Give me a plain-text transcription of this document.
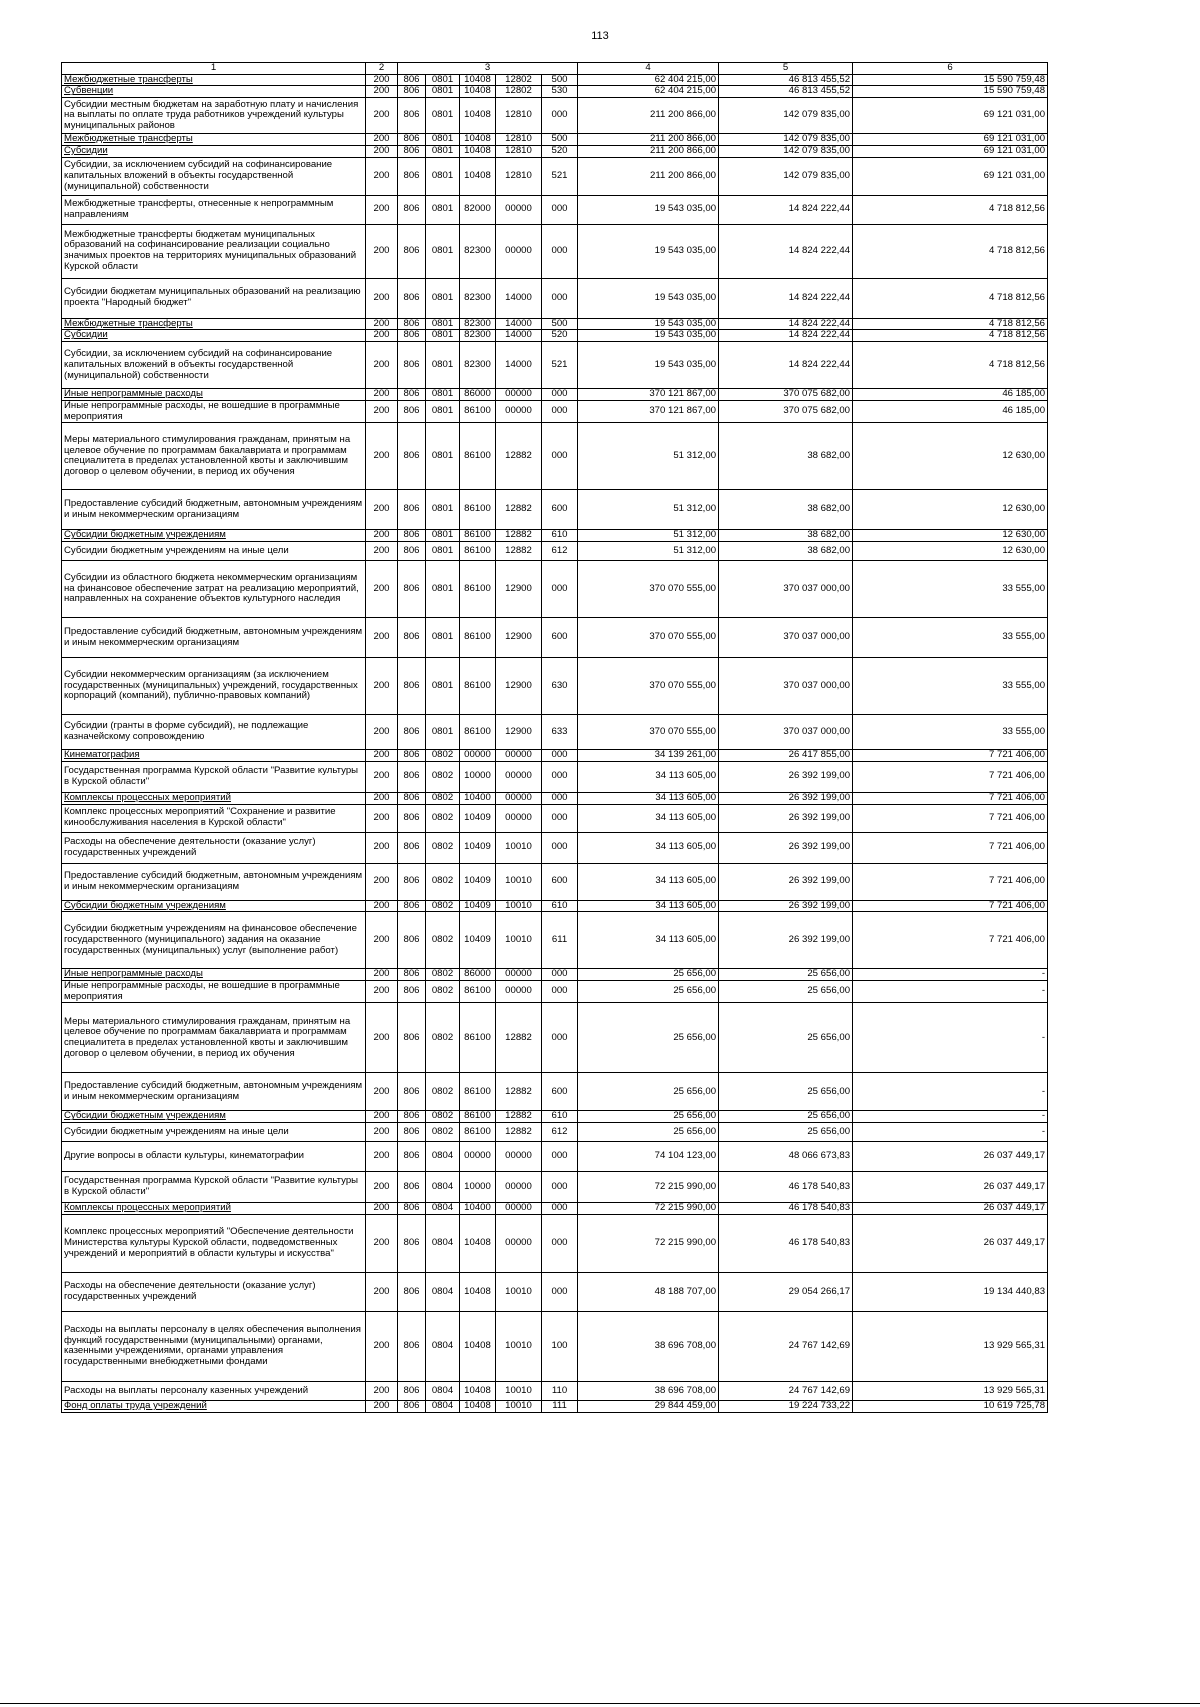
113
1	2	3					4	5	6
Межбюджетные трансферты	200	806	0801	10408	12802	500	62 404 215,00	46 813 455,52	15 590 759,48
Субвенции	200	806	0801	10408	12802	530	62 404 215,00	46 813 455,52	15 590 759,48
Субсидии местным бюджетам на заработную плату и начисления на выплаты по оплате труда работников учреждений культуры муниципальных районов	200	806	0801	10408	12810	000	211 200 866,00	142 079 835,00	69 121 031,00
Межбюджетные трансферты	200	806	0801	10408	12810	500	211 200 866,00	142 079 835,00	69 121 031,00
Субсидии	200	806	0801	10408	12810	520	211 200 866,00	142 079 835,00	69 121 031,00
Субсидии, за исключением субсидий на софинансирование капитальных вложений в объекты государственной (муниципальной) собственности	200	806	0801	10408	12810	521	211 200 866,00	142 079 835,00	69 121 031,00
Межбюджетные трансферты, отнесенные к непрограммным направлениям	200	806	0801	82000	00000	000	19 543 035,00	14 824 222,44	4 718 812,56
Межбюджетные трансферты бюджетам муниципальных образований на софинансирование реализации социально значимых проектов на территориях муниципальных образований Курской области	200	806	0801	82300	00000	000	19 543 035,00	14 824 222,44	4 718 812,56
Субсидии бюджетам муниципальных образований на реализацию проекта "Народный бюджет"	200	806	0801	82300	14000	000	19 543 035,00	14 824 222,44	4 718 812,56
Межбюджетные трансферты	200	806	0801	82300	14000	500	19 543 035,00	14 824 222,44	4 718 812,56
Субсидии	200	806	0801	82300	14000	520	19 543 035,00	14 824 222,44	4 718 812,56
Субсидии, за исключением субсидий на софинансирование капитальных вложений в объекты государственной (муниципальной) собственности	200	806	0801	82300	14000	521	19 543 035,00	14 824 222,44	4 718 812,56
Иные непрограммные расходы	200	806	0801	86000	00000	000	370 121 867,00	370 075 682,00	46 185,00
Иные непрограммные расходы, не вошедшие в программные мероприятия	200	806	0801	86100	00000	000	370 121 867,00	370 075 682,00	46 185,00
Меры материального стимулирования гражданам, принятым на целевое обучение по программам бакалавриата и программам специалитета в пределах установленной квоты и заключившим договор о целевом обучении, в период их обучения	200	806	0801	86100	12882	000	51 312,00	38 682,00	12 630,00
Предоставление субсидий бюджетным, автономным учреждениям и иным некоммерческим организациям	200	806	0801	86100	12882	600	51 312,00	38 682,00	12 630,00
Субсидии бюджетным учреждениям	200	806	0801	86100	12882	610	51 312,00	38 682,00	12 630,00
Субсидии бюджетным учреждениям на иные цели	200	806	0801	86100	12882	612	51 312,00	38 682,00	12 630,00
Субсидии из областного бюджета некоммерческим организациям на финансовое обеспечение затрат на реализацию мероприятий, направленных на сохранение объектов культурного наследия	200	806	0801	86100	12900	000	370 070 555,00	370 037 000,00	33 555,00
Предоставление субсидий бюджетным, автономным учреждениям и иным некоммерческим организациям	200	806	0801	86100	12900	600	370 070 555,00	370 037 000,00	33 555,00
Субсидии некоммерческим организациям (за исключением государственных (муниципальных) учреждений, государственных корпораций (компаний), публично-правовых компаний)	200	806	0801	86100	12900	630	370 070 555,00	370 037 000,00	33 555,00
Субсидии (гранты в форме субсидий), не подлежащие казначейскому сопровождению	200	806	0801	86100	12900	633	370 070 555,00	370 037 000,00	33 555,00
Кинематография	200	806	0802	00000	00000	000	34 139 261,00	26 417 855,00	7 721 406,00
Государственная программа Курской области "Развитие культуры в Курской области"	200	806	0802	10000	00000	000	34 113 605,00	26 392 199,00	7 721 406,00
Комплексы процессных мероприятий	200	806	0802	10400	00000	000	34 113 605,00	26 392 199,00	7 721 406,00
Комплекс процессных мероприятий "Сохранение и развитие кинообслуживания населения в Курской области"	200	806	0802	10409	00000	000	34 113 605,00	26 392 199,00	7 721 406,00
Расходы на обеспечение деятельности (оказание услуг) государственных учреждений	200	806	0802	10409	10010	000	34 113 605,00	26 392 199,00	7 721 406,00
Предоставление субсидий бюджетным, автономным учреждениям и иным некоммерческим организациям	200	806	0802	10409	10010	600	34 113 605,00	26 392 199,00	7 721 406,00
Субсидии бюджетным учреждениям	200	806	0802	10409	10010	610	34 113 605,00	26 392 199,00	7 721 406,00
Субсидии бюджетным учреждениям на финансовое обеспечение государственного (муниципального) задания на оказание государственных (муниципальных) услуг (выполнение работ)	200	806	0802	10409	10010	611	34 113 605,00	26 392 199,00	7 721 406,00
Иные непрограммные расходы	200	806	0802	86000	00000	000	25 656,00	25 656,00	-
Иные непрограммные расходы, не вошедшие в программные мероприятия	200	806	0802	86100	00000	000	25 656,00	25 656,00	-
Меры материального стимулирования гражданам, принятым на целевое обучение по программам бакалавриата и программам специалитета в пределах установленной квоты и заключившим договор о целевом обучении, в период их обучения	200	806	0802	86100	12882	000	25 656,00	25 656,00	-
Предоставление субсидий бюджетным, автономным учреждениям и иным некоммерческим организациям	200	806	0802	86100	12882	600	25 656,00	25 656,00	-
Субсидии бюджетным учреждениям	200	806	0802	86100	12882	610	25 656,00	25 656,00	-
Субсидии бюджетным учреждениям на иные цели	200	806	0802	86100	12882	612	25 656,00	25 656,00	-
Другие вопросы в области культуры, кинематографии	200	806	0804	00000	00000	000	74 104 123,00	48 066 673,83	26 037 449,17
Государственная программа Курской области "Развитие культуры в Курской области"	200	806	0804	10000	00000	000	72 215 990,00	46 178 540,83	26 037 449,17
Комплексы процессных мероприятий	200	806	0804	10400	00000	000	72 215 990,00	46 178 540,83	26 037 449,17
Комплекс процессных мероприятий "Обеспечение деятельности Министерства культуры Курской области, подведомственных учреждений и мероприятий в области культуры и искусства"	200	806	0804	10408	00000	000	72 215 990,00	46 178 540,83	26 037 449,17
Расходы на обеспечение деятельности (оказание услуг) государственных учреждений	200	806	0804	10408	10010	000	48 188 707,00	29 054 266,17	19 134 440,83
Расходы на выплаты персоналу в целях обеспечения выполнения функций государственными (муниципальными) органами, казенными учреждениями, органами управления государственными внебюджетными фондами	200	806	0804	10408	10010	100	38 696 708,00	24 767 142,69	13 929 565,31
Расходы на выплаты персоналу казенных учреждений	200	806	0804	10408	10010	110	38 696 708,00	24 767 142,69	13 929 565,31
Фонд оплаты труда учреждений	200	806	0804	10408	10010	111	29 844 459,00	19 224 733,22	10 619 725,78
